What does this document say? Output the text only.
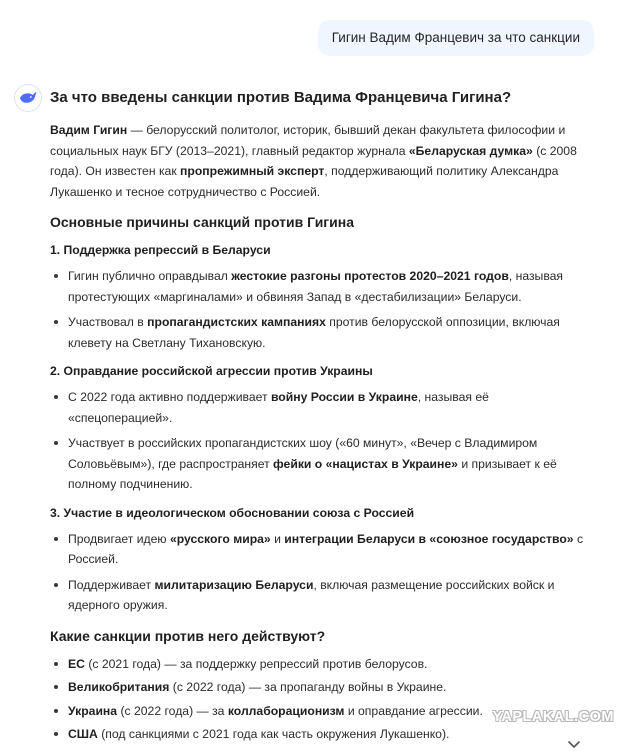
Гигин Вадим Францевич за что санкции
За что введены санкции против Вадима Францевича Гигина?

Вадим Гигин — белорусский политолог, историк, бывший декан факультета философии и социальных наук БГУ (2013–2021), главный редактор журнала «Беларуская думка» (с 2008 года). Он известен как пропрежимный эксперт, поддерживающий политику Александра Лукашенко и тесное сотрудничество с Россией.

Основные причины санкций против Гигина
1. Поддержка репрессий в Беларуси
Гигин публично оправдывал жестокие разгоны протестов 2020–2021 годов, называя протестующих «маргиналами» и обвиняя Запад в «дестабилизации» Беларуси.
Участвовал в пропагандистских кампаниях против белорусской оппозиции, включая клевету на Светлану Тихановскую.
2. Оправдание российской агрессии против Украины
С 2022 года активно поддерживает войну России в Украине, называя её «спецоперацией».
Участвует в российских пропагандистских шоу («60 минут», «Вечер с Владимиром Соловьёвым»), где распространяет фейки о «нацистах в Украине» и призывает к её полному подчинению.
3. Участие в идеологическом обосновании союза с Россией
Продвигает идею «русского мира» и интеграции Беларуси в «союзное государство» с Россией.
Поддерживает милитаризацию Беларуси, включая размещение российских войск и ядерного оружия.
Какие санкции против него действуют?
ЕС (с 2021 года) — за поддержку репрессий против белорусов.
Великобритания (с 2022 года) — за пропаганду войны в Украине.
Украина (с 2022 года) — за коллаборационизм и оправдание агрессии.
США (под санкциями с 2021 года как часть окружения Лукашенко).
YAPLAKAL.COM
